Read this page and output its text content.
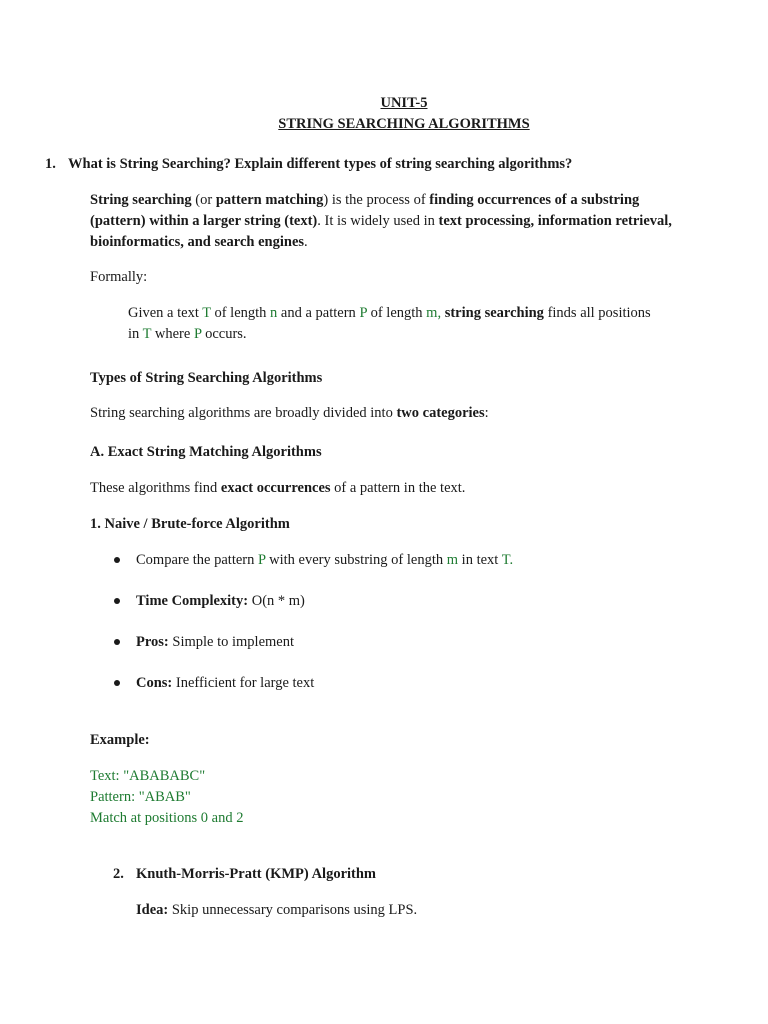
UNIT-5
STRING SEARCHING ALGORITHMS
1. What is String Searching? Explain different types of string searching algorithms?
String searching (or pattern matching) is the process of finding occurrences of a substring
(pattern) within a larger string (text). It is widely used in text processing, information retrieval,
bioinformatics, and search engines.
Formally:
Given a text T of length n and a pattern P of length m, string searching finds all positions
in T where P occurs.
Types of String Searching Algorithms
String searching algorithms are broadly divided into two categories:
A. Exact String Matching Algorithms
These algorithms find exact occurrences of a pattern in the text.
1. Naive / Brute-force Algorithm
Compare the pattern P with every substring of length m in text T.
Time Complexity: O(n * m)
Pros: Simple to implement
Cons: Inefficient for large text
Example:
Text: "ABABABC"
Pattern: "ABAB"
Match at positions 0 and 2
2. Knuth-Morris-Pratt (KMP) Algorithm
Idea: Skip unnecessary comparisons using LPS.
